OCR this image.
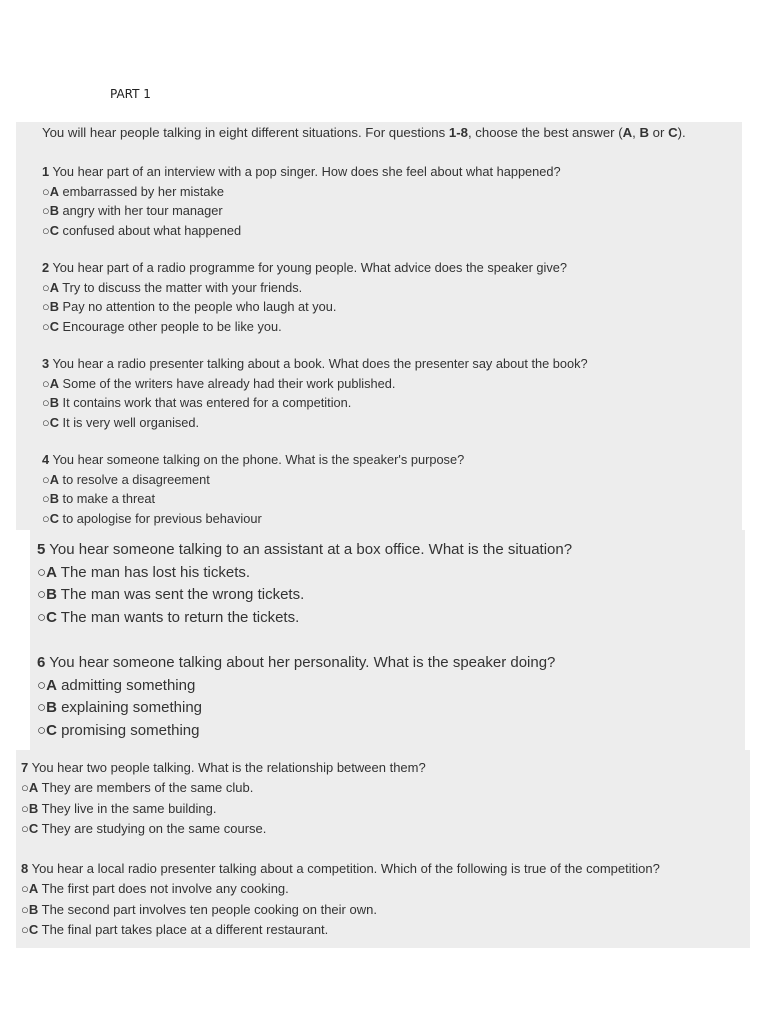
PART 1
You will hear people talking in eight different situations. For questions 1-8, choose the best answer (A, B or C).
1 You hear part of an interview with a pop singer. How does she feel about what happened?
○A embarrassed by her mistake
○B angry with her tour manager
○C confused about what happened
2 You hear part of a radio programme for young people. What advice does the speaker give?
○A Try to discuss the matter with your friends.
○B Pay no attention to the people who laugh at you.
○C Encourage other people to be like you.
3 You hear a radio presenter talking about a book. What does the presenter say about the book?
○A Some of the writers have already had their work published.
○B It contains work that was entered for a competition.
○C It is very well organised.
4 You hear someone talking on the phone. What is the speaker's purpose?
○A to resolve a disagreement
○B to make a threat
○C to apologise for previous behaviour
5 You hear someone talking to an assistant at a box office. What is the situation?
○A The man has lost his tickets.
○B The man was sent the wrong tickets.
○C The man wants to return the tickets.
6 You hear someone talking about her personality. What is the speaker doing?
○A admitting something
○B explaining something
○C promising something
7 You hear two people talking. What is the relationship between them?
○A They are members of the same club.
○B They live in the same building.
○C They are studying on the same course.
8 You hear a local radio presenter talking about a competition. Which of the following is true of the competition?
○A The first part does not involve any cooking.
○B The second part involves ten people cooking on their own.
○C The final part takes place at a different restaurant.
